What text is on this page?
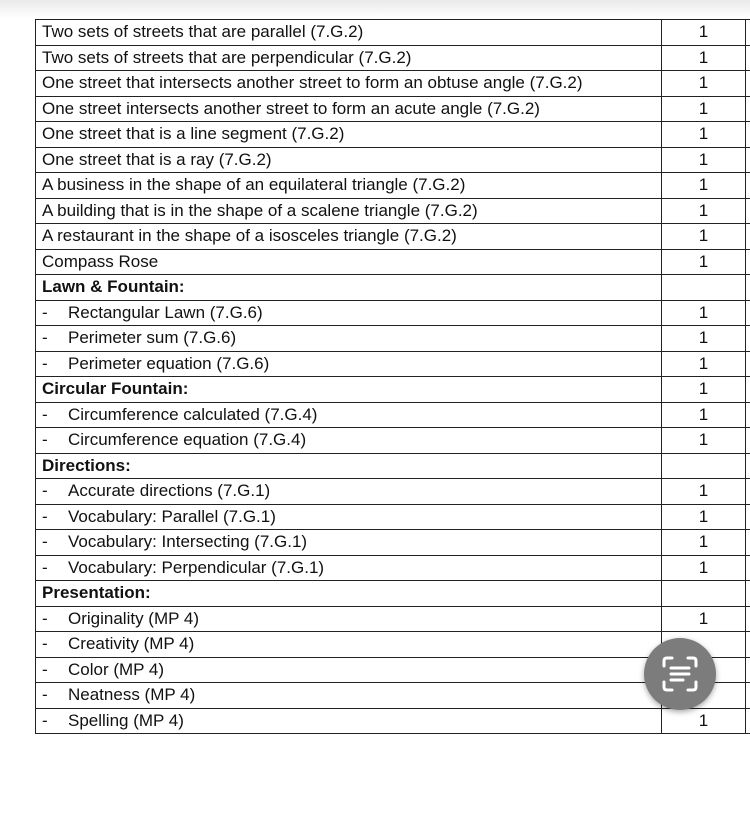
Two sets of streets that are parallel (7.G.2)	1	
Two sets of streets that are perpendicular (7.G.2)	1	
One street that intersects another street to form an obtuse angle (7.G.2)	1	
One street intersects another street to form an acute angle (7.G.2)	1	
One street that is a line segment (7.G.2)	1	
One street that is a ray (7.G.2)	1	
A business in the shape of an equilateral triangle (7.G.2)	1	
A building that is in the shape of a scalene triangle (7.G.2)	1	
A restaurant in the shape of a isosceles triangle (7.G.2)	1	
Compass Rose	1	
Lawn & Fountain:		
- Rectangular Lawn (7.G.6)	1	
- Perimeter sum (7.G.6)	1	
- Perimeter equation (7.G.6)	1	
Circular Fountain:	1	
- Circumference calculated (7.G.4)	1	
- Circumference equation (7.G.4)	1	
Directions:		
- Accurate directions (7.G.1)	1	
- Vocabulary: Parallel (7.G.1)	1	
- Vocabulary: Intersecting (7.G.1)	1	
- Vocabulary: Perpendicular (7.G.1)	1	
Presentation:		
- Originality (MP 4)	1	
- Creativity (MP 4)		
- Color (MP 4)		
- Neatness (MP 4)		
- Spelling (MP 4)	1	
